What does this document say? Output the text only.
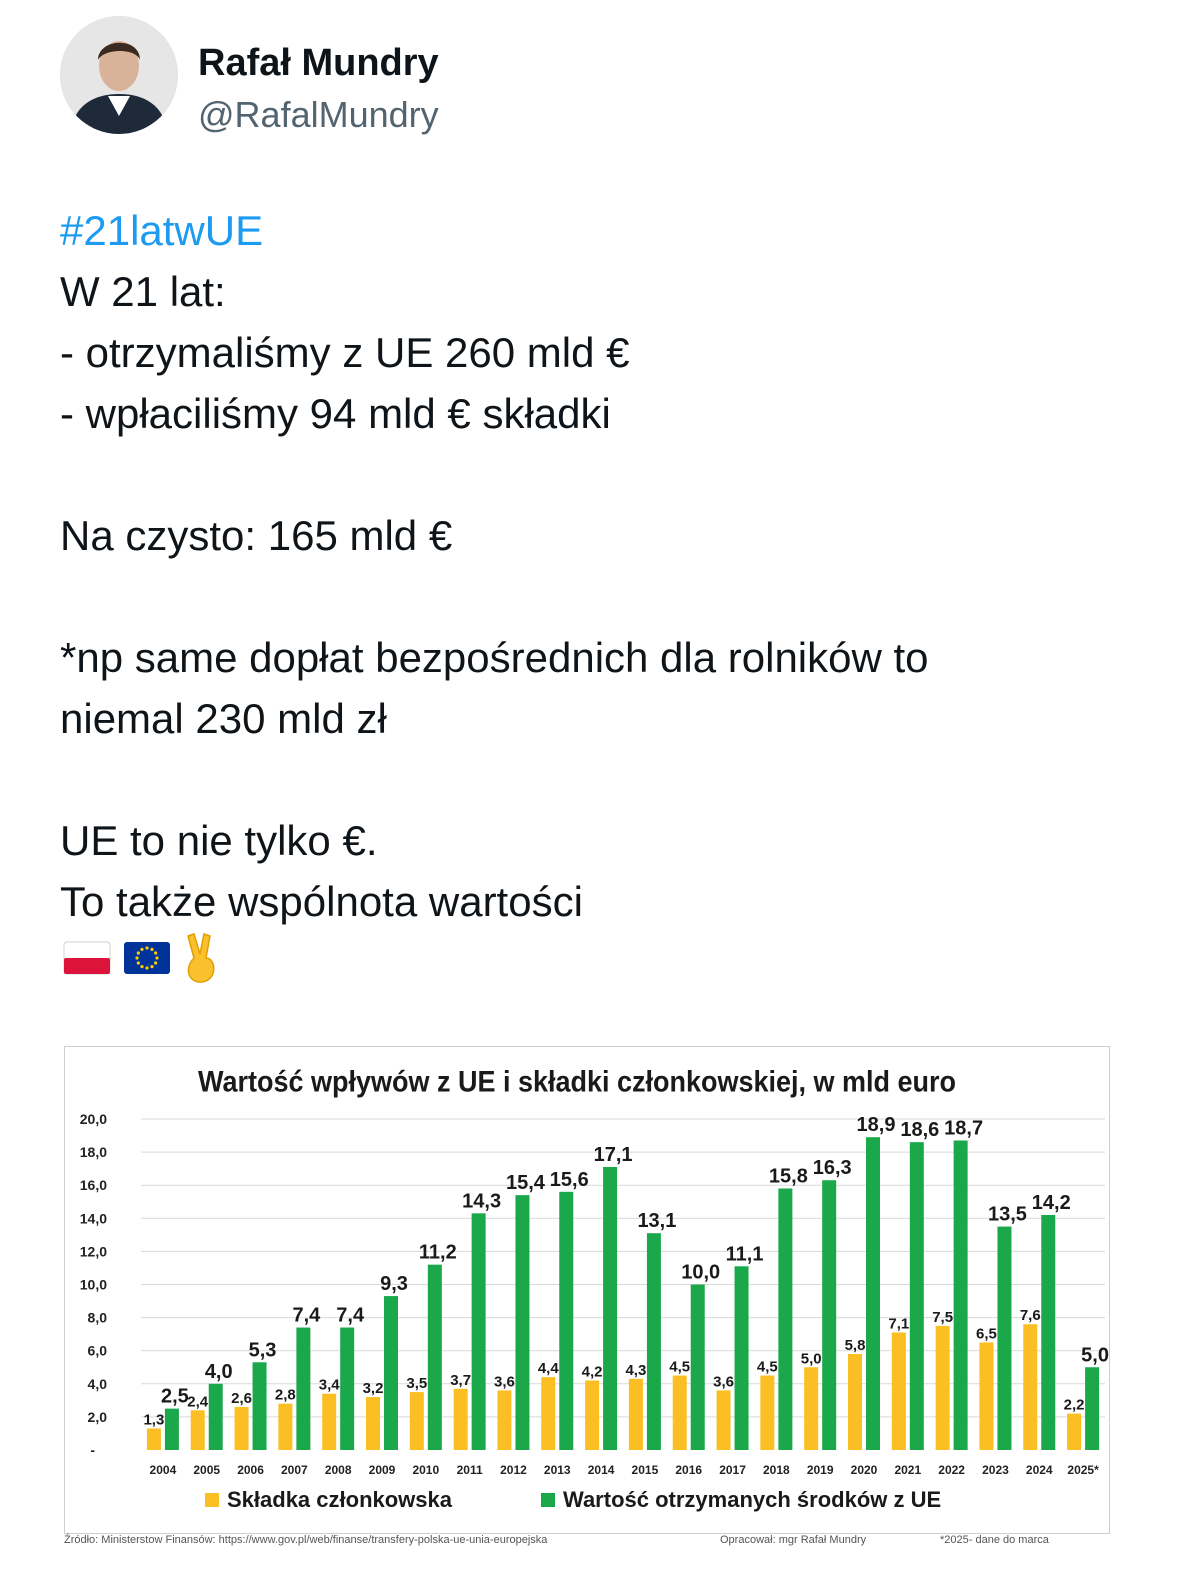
Rafał Mundry
@RafalMundry
#21latwUE
W 21 lat:
- otrzymaliśmy z UE 260 mld €
- wpłaciliśmy 94 mld € składki
Na czysto: 165 mld €
*np same dopłat bezpośrednich dla rolników to
niemal 230 mld zł
UE to nie tylko €.
To także wspólnota wartości
Wartość wpływów z UE i składki członkowskiej, w mld euro
-
2,0
4,0
6,0
8,0
10,0
12,0
14,0
16,0
18,0
20,0
1,3
2,5
2004
2,4
4,0
2005
2,6
5,3
2006
2,8
7,4
2007
3,4
7,4
2008
3,2
9,3
2009
3,5
11,2
2010
3,7
14,3
2011
3,6
15,4
2012
4,4
15,6
2013
4,2
17,1
2014
4,3
13,1
2015
4,5
10,0
2016
3,6
11,1
2017
4,5
15,8
2018
5,0
16,3
2019
5,8
18,9
2020
7,1
18,6
2021
7,5
18,7
2022
6,5
13,5
2023
7,6
14,2
2024
2,2
5,0
2025*
Składka członkowska	Wartość otrzymanych środków z UE
Źródło: Ministerstow Finansów: https://www.gov.pl/web/finanse/transfery-polska-ue-unia-europejska	Opracował: mgr Rafał Mundry	*2025- dane do marca
